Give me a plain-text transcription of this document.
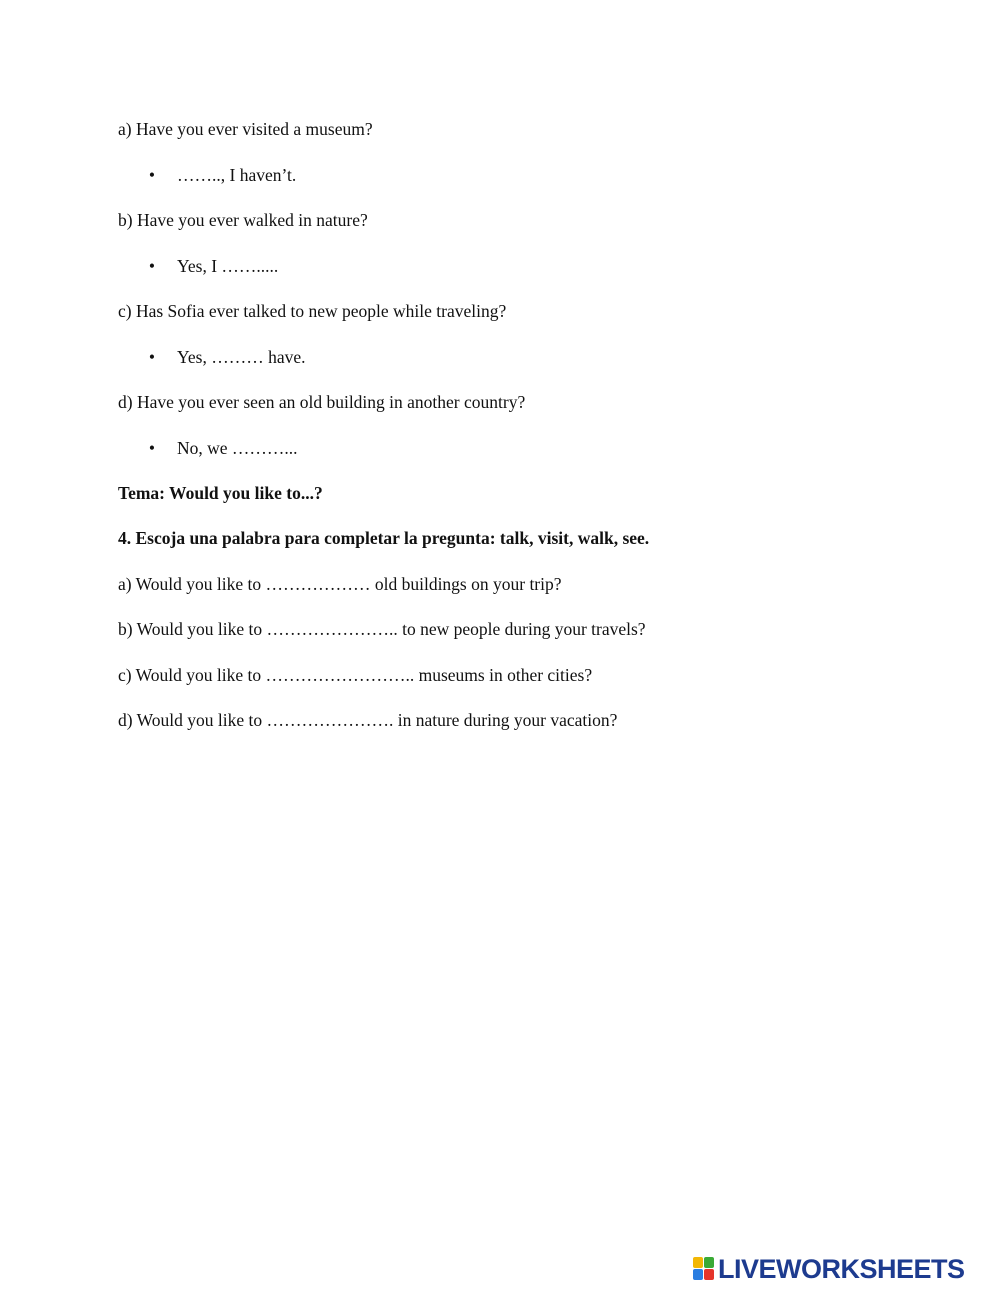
a) Have you ever visited a museum?
• …….., I haven’t.
b) Have you ever walked in nature?
• Yes, I …….....
c) Has Sofia ever talked to new people while traveling?
• Yes, ……… have.
d) Have you ever seen an old building in another country?
• No, we ………...
Tema: Would you like to...?
4. Escoja una palabra para completar la pregunta: talk, visit, walk, see.
a) Would you like to ……………… old buildings on your trip?
b) Would you like to ………………….. to new people during your travels?
c) Would you like to …………………….. museums in other cities?
d) Would you like to …………………. in nature during your vacation?
LIVEWORKSHEETS
